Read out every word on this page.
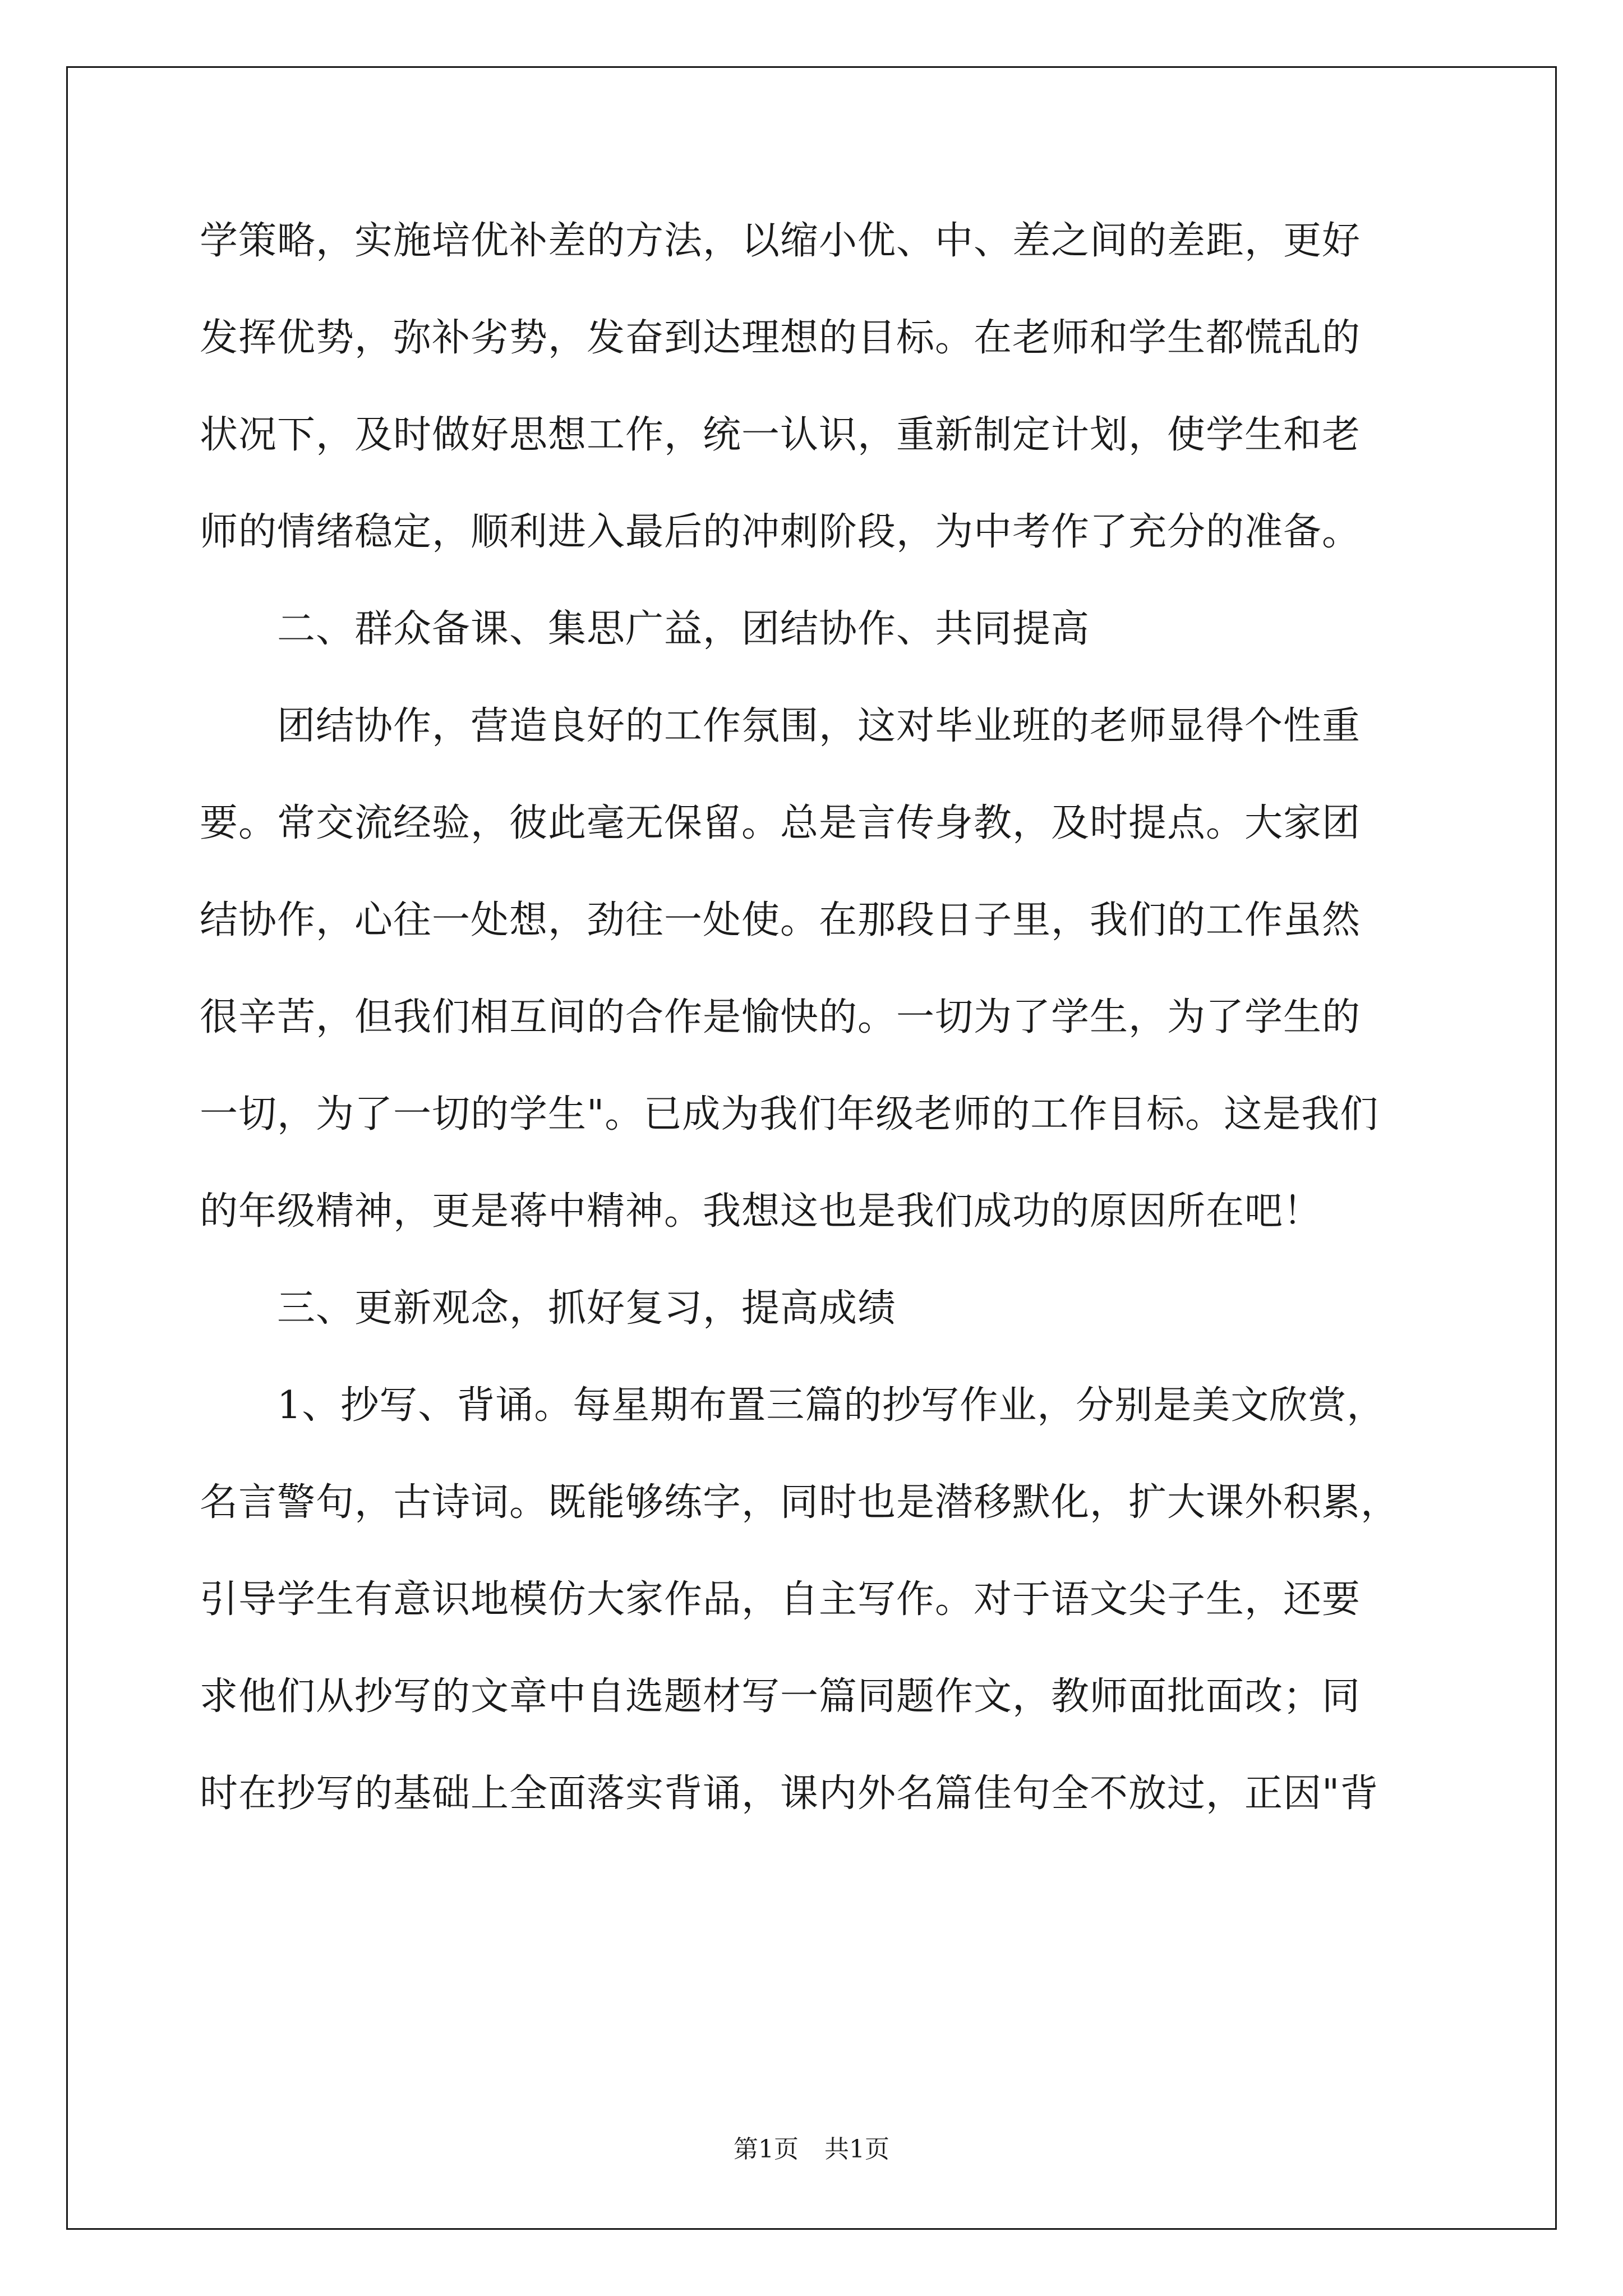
学策略，实施培优补差的方法，以缩小优、中、差之间的差距，更好
发挥优势，弥补劣势，发奋到达理想的目标。在老师和学生都慌乱的
状况下，及时做好思想工作，统一认识，重新制定计划，使学生和老
师的情绪稳定，顺利进入最后的冲刺阶段，为中考作了充分的准备。
　　二、群众备课、集思广益，团结协作、共同提高
　　团结协作，营造良好的工作氛围，这对毕业班的老师显得个性重
要。常交流经验，彼此毫无保留。总是言传身教，及时提点。大家团
结协作，心往一处想，劲往一处使。在那段日子里，我们的工作虽然
很辛苦，但我们相互间的合作是愉快的。一切为了学生，为了学生的
一切，为了一切的学生"。已成为我们年级老师的工作目标。这是我们
的年级精神，更是蒋中精神。我想这也是我们成功的原因所在吧！
　　三、更新观念，抓好复习，提高成绩
　　1、抄写、背诵。每星期布置三篇的抄写作业，分别是美文欣赏，
名言警句，古诗词。既能够练字，同时也是潜移默化，扩大课外积累，
引导学生有意识地模仿大家作品，自主写作。对于语文尖子生，还要
求他们从抄写的文章中自选题材写一篇同题作文，教师面批面改；同
时在抄写的基础上全面落实背诵，课内外名篇佳句全不放过，正因"背
第1页 共1页
